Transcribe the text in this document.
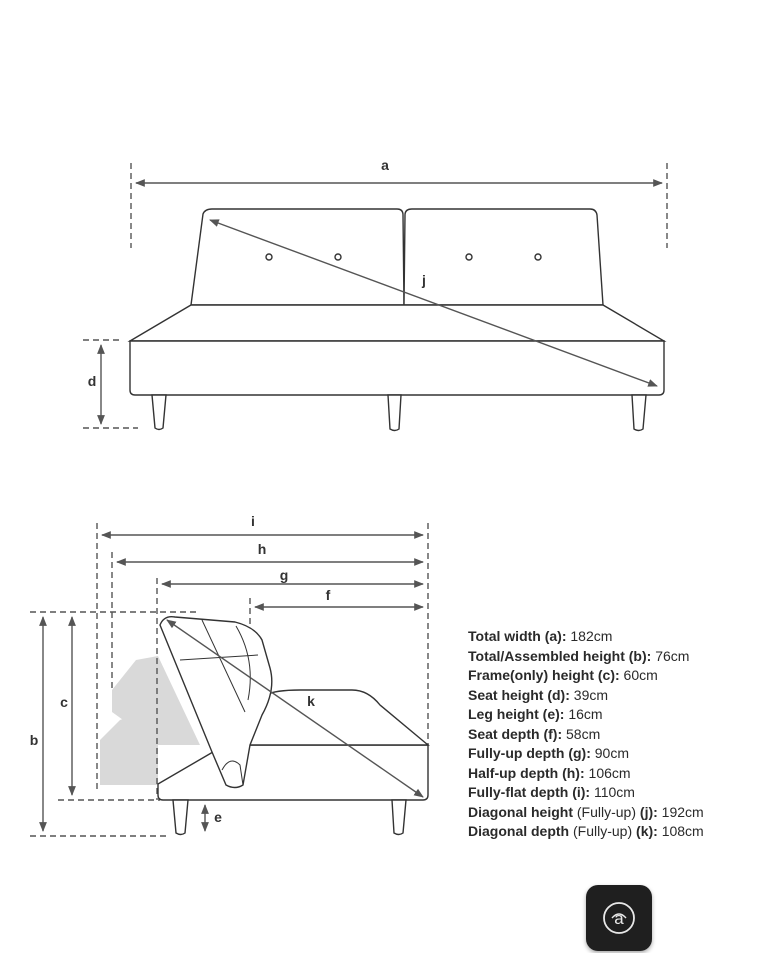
a
j
d
i
h
g
f
c	k
b
e
Total width (a): 182cm
Total/Assembled height (b): 76cm
Frame(only) height (c): 60cm
Seat height (d): 39cm
Leg height (e): 16cm
Seat depth (f): 58cm
Fully-up depth (g): 90cm
Half-up depth (h): 106cm
Fully-flat depth (i): 110cm
Diagonal height (Fully-up) (j): 192cm
Diagonal depth (Fully-up) (k): 108cm
a
